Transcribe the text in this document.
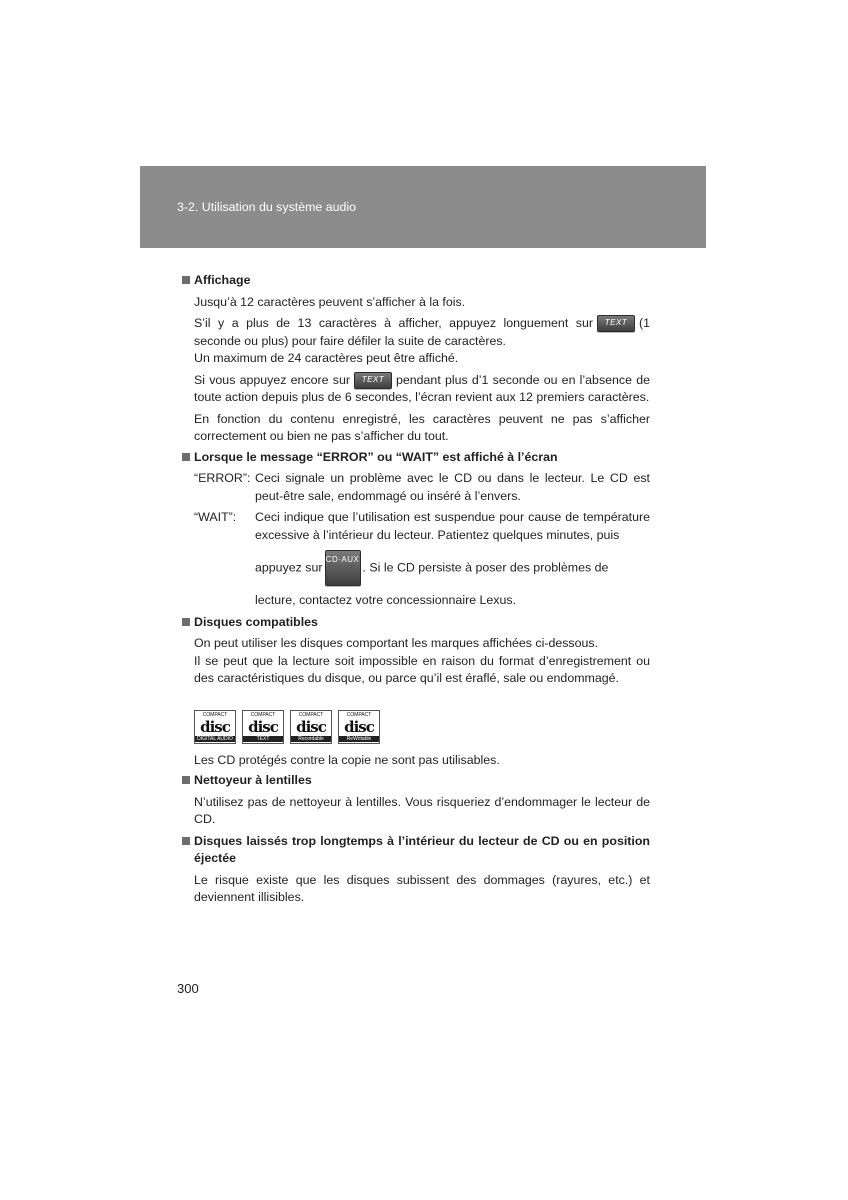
3-2. Utilisation du système audio
Affichage

Jusqu’à 12 caractères peuvent s’afficher à la fois.

S’il y a plus de 13 caractères à afficher, appuyez longuement sur TEXT (1 seconde ou plus) pour faire défiler la suite de caractères.

Un maximum de 24 caractères peut être affiché.

Si vous appuyez encore sur TEXT pendant plus d’1 seconde ou en l’absence de toute action depuis plus de 6 secondes, l’écran revient aux 12 premiers caractères.

En fonction du contenu enregistré, les caractères peuvent ne pas s’afficher correctement ou bien ne pas s’afficher du tout.

Lorsque le message “ERROR” ou “WAIT” est affiché à l’écran
“ERROR”: Ceci signale un problème avec le CD ou dans le lecteur. Le CD est peut-être sale, endommagé ou inséré à l’envers.
“WAIT”:	Ceci indique que l’utilisation est suspendue pour cause de température excessive à l’intérieur du lecteur. Patientez quelques minutes, puis

appuyez surCD·AUX. Si le CD persiste à poser des problèmes de

lecture, contactez votre concessionnaire Lexus.

Disques compatibles

On peut utiliser les disques comportant les marques affichées ci-dessous.

Il se peut que la lecture soit impossible en raison du format d’enregistrement ou des caractéristiques du disque, ou parce qu’il est éraflé, sale ou endommagé.

COMPACT
disc
DIGITAL AUDIO
COMPACT
disc
TEXT
COMPACT
disc
Recordable
COMPACT
disc
ReWritable

Les CD protégés contre la copie ne sont pas utilisables.

Nettoyeur à lentilles

N’utilisez pas de nettoyeur à lentilles. Vous risqueriez d’endommager le lecteur de CD.

Disques laissés trop longtemps à l’intérieur du lecteur de CD ou en position éjectée

Le risque existe que les disques subissent des dommages (rayures, etc.) et deviennent illisibles.

300
